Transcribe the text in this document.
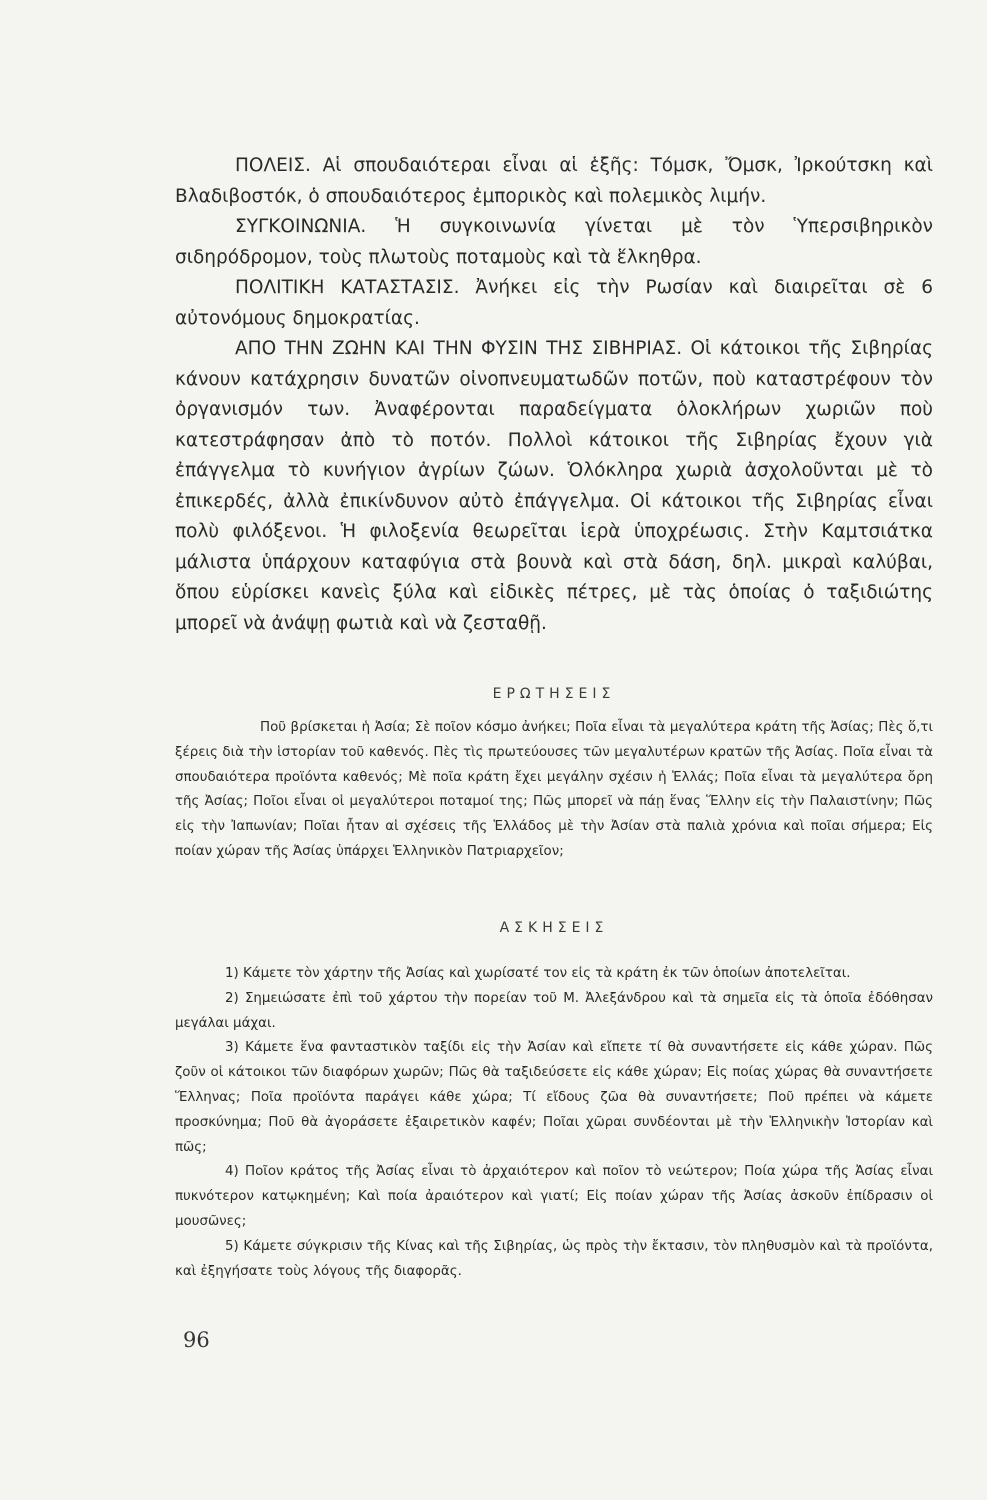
ΠΟΛΕΙΣ. Αἱ σπουδαιότεραι εἶναι αἱ ἑξῆς: Τόμσκ, Ὄμσκ, Ἰρκούτσκη καὶ Βλαδιβοστόκ, ὁ σπουδαιότερος ἐμπορικὸς καὶ πολεμικὸς λιμήν.

ΣΥΓΚΟΙΝΩΝΙΑ. Ἡ συγκοινωνία γίνεται μὲ τὸν Ὑπερσιβηρικὸν σιδηρόδρομον, τοὺς πλωτοὺς ποταμοὺς καὶ τὰ ἕλκηθρα.

ΠΟΛΙΤΙΚΗ ΚΑΤΑΣΤΑΣΙΣ. Ἀνήκει εἰς τὴν Ρωσίαν καὶ διαιρεῖται σὲ 6 αὐτονόμους δημοκρατίας.

ΑΠΟ ΤΗΝ ΖΩΗΝ ΚΑΙ ΤΗΝ ΦΥΣΙΝ ΤΗΣ ΣΙΒΗΡΙΑΣ. Οἱ κάτοικοι τῆς Σιβηρίας κάνουν κατάχρησιν δυνατῶν οἰνοπνευματωδῶν ποτῶν, ποὺ καταστρέφουν τὸν ὀργανισμόν των. Ἀναφέρονται παραδείγματα ὁλοκλήρων χωριῶν ποὺ κατεστράφησαν ἀπὸ τὸ ποτόν. Πολλοὶ κάτοικοι τῆς Σιβηρίας ἔχουν γιὰ ἐπάγγελμα τὸ κυνήγιον ἀγρίων ζώων. Ὁλόκληρα χωριὰ ἀσχολοῦνται μὲ τὸ ἐπικερδές, ἀλλὰ ἐπικίνδυνον αὐτὸ ἐπάγγελμα. Οἱ κάτοικοι τῆς Σιβηρίας εἶναι πολὺ φιλόξενοι. Ἡ φιλοξενία θεωρεῖται ἱερὰ ὑποχρέωσις. Στὴν Καμτσιάτκα μάλιστα ὑπάρχουν καταφύγια στὰ βουνὰ καὶ στὰ δάση, δηλ. μικραὶ καλύβαι, ὅπου εὑρίσκει κανεὶς ξύλα καὶ εἰδικὲς πέτρες, μὲ τὰς ὁποίας ὁ ταξιδιώτης μπορεῖ νὰ ἀνάψῃ φωτιὰ καὶ νὰ ζεσταθῇ.

ΕΡΩΤΗΣΕΙΣ

Ποῦ βρίσκεται ἡ Ἀσία; Σὲ ποῖον κόσμο ἀνήκει; Ποῖα εἶναι τὰ μεγαλύτερα κράτη τῆς Ἀσίας; Πὲς ὅ,τι ξέρεις διὰ τὴν ἱστορίαν τοῦ καθενός. Πὲς τὶς πρωτεύουσες τῶν μεγαλυτέρων κρατῶν τῆς Ἀσίας. Ποῖα εἶναι τὰ σπουδαιότερα προϊόντα καθενός; Μὲ ποῖα κράτη ἔχει μεγάλην σχέσιν ἡ Ἑλλάς; Ποῖα εἶναι τὰ μεγαλύτερα ὄρη τῆς Ἀσίας; Ποῖοι εἶναι οἱ μεγαλύτεροι ποταμοί της; Πῶς μπορεῖ νὰ πάῃ ἕνας Ἕλλην εἰς τὴν Παλαιστίνην; Πῶς εἰς τὴν Ἰαπωνίαν; Ποῖαι ἦταν αἱ σχέσεις τῆς Ἑλλάδος μὲ τὴν Ἀσίαν στὰ παλιὰ χρόνια καὶ ποῖαι σήμερα; Εἰς ποίαν χώραν τῆς Ἀσίας ὑπάρχει Ἑλληνικὸν Πατριαρχεῖον;

ΑΣΚΗΣΕΙΣ

1) Κάμετε τὸν χάρτην τῆς Ἀσίας καὶ χωρίσατέ τον εἰς τὰ κράτη ἐκ τῶν ὁποίων ἀποτελεῖται.

2) Σημειώσατε ἐπὶ τοῦ χάρτου τὴν πορείαν τοῦ Μ. Ἀλεξάνδρου καὶ τὰ σημεῖα εἰς τὰ ὁποῖα ἐδόθησαν μεγάλαι μάχαι.

3) Κάμετε ἕνα φανταστικὸν ταξίδι εἰς τὴν Ἀσίαν καὶ εἴπετε τί θὰ συναντήσετε εἰς κάθε χώραν. Πῶς ζοῦν οἱ κάτοικοι τῶν διαφόρων χωρῶν; Πῶς θὰ ταξιδεύσετε εἰς κάθε χώραν; Εἰς ποίας χώρας θὰ συναντήσετε Ἕλληνας; Ποῖα προϊόντα παράγει κάθε χώρα; Τί εἴδους ζῶα θὰ συναντήσετε; Ποῦ πρέπει νὰ κάμετε προσκύνημα; Ποῦ θὰ ἀγοράσετε ἐξαιρετικὸν καφέν; Ποῖαι χῶραι συνδέονται μὲ τὴν Ἑλληνικὴν Ἱστορίαν καὶ πῶς;

4) Ποῖον κράτος τῆς Ἀσίας εἶναι τὸ ἀρχαιότερον καὶ ποῖον τὸ νεώτερον; Ποία χώρα τῆς Ἀσίας εἶναι πυκνότερον κατῳκημένη; Καὶ ποία ἀραιότερον καὶ γιατί; Εἰς ποίαν χώραν τῆς Ἀσίας ἀσκοῦν ἐπίδρασιν οἱ μουσῶνες;

5) Κάμετε σύγκρισιν τῆς Κίνας καὶ τῆς Σιβηρίας, ὡς πρὸς τὴν ἔκτασιν, τὸν πληθυσμὸν καὶ τὰ προϊόντα, καὶ ἐξηγήσατε τοὺς λόγους τῆς διαφορᾶς.

96
